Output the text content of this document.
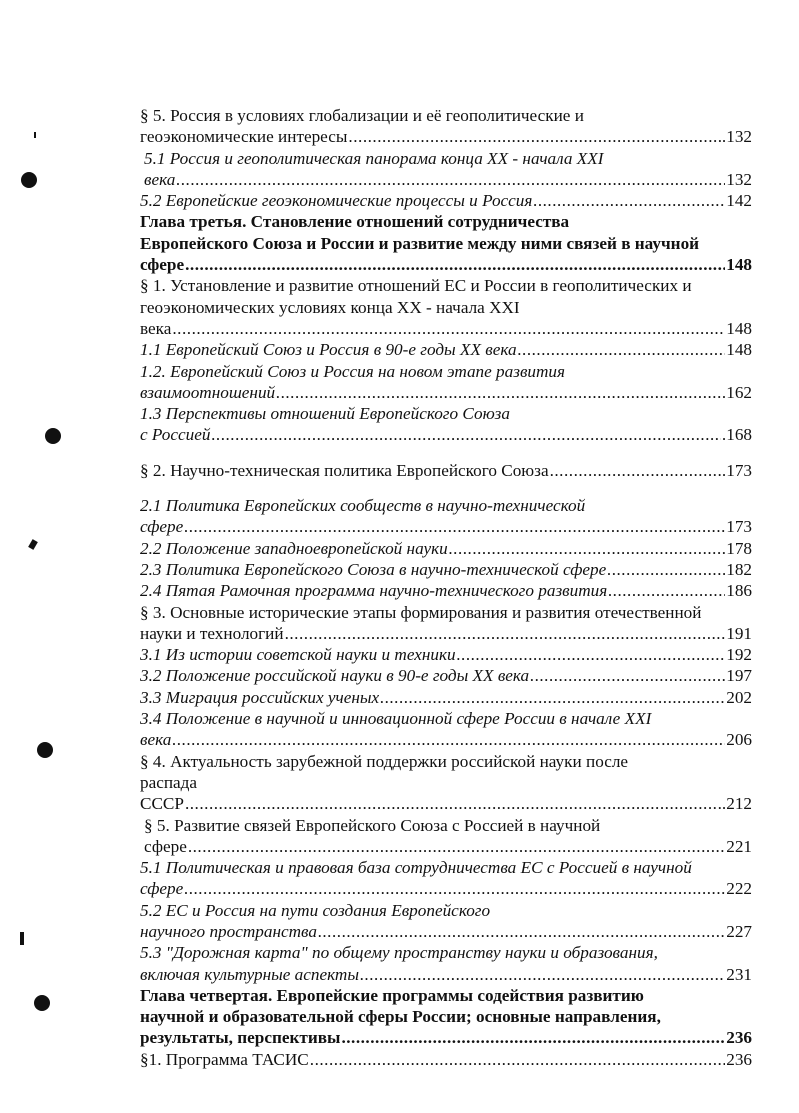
§ 5. Россия в условиях глобализации и её геополитические и
геоэкономические интересы .....	.132
5.1 Россия и геополитическая панорама конца XX - начала XXI
века .....	132
5.2 Европейские геоэкономические процессы и Россия .....	142
Глава третья. Становление отношений сотрудничества
Европейского Союза и России и развитие между ними связей в научной
сфере .....	148
§ 1. Установление и развитие отношений ЕС и России в геополитических и
геоэкономических условиях конца XX - начала XXI
века .....	148
1.1 Европейский Союз и Россия в 90-е годы XX века .....	148
1.2. Европейский Союз и Россия на новом этапе развития
взаимоотношений .....	162
1.3 Перспективы отношений Европейского Союза
с Россией .....	.168
§ 2. Научно-техническая политика Европейского Союза .....	.173
2.1 Политика Европейских сообществ в научно-технической
сфере .....	173
2.2 Положение западноевропейской науки .....	178
2.3 Политика Европейского Союза в научно-технической сфере .....	182
2.4 Пятая Рамочная программа научно-технического развития .....	186
§ 3. Основные исторические этапы формирования и развития отечественной
науки и технологий .....	191
3.1 Из истории советской науки и техники .....	192
3.2 Положение российской науки в 90-е годы XX века .....	197
3.3 Миграция российских ученых .....	202
3.4 Положение в научной и инновационной сфере России в начале XXI
века .....	206
§ 4. Актуальность зарубежной поддержки российской науки после
распада
СССР .....	..212
§ 5. Развитие связей Европейского Союза с Россией в научной
сфере .....	221
5.1 Политическая и правовая база сотрудничества ЕС с Россией в научной
сфере .....	222
5.2 ЕС и Россия на пути создания Европейского
научного пространства .....	227
5.3 "Дорожная карта" по общему пространству науки и образования,
включая культурные аспекты .....	231
Глава четвертая. Европейские программы содействия развитию
научной и образовательной сферы России; основные направления,
результаты, перспективы .....	236
§1. Программа ТАСИС .....	236
